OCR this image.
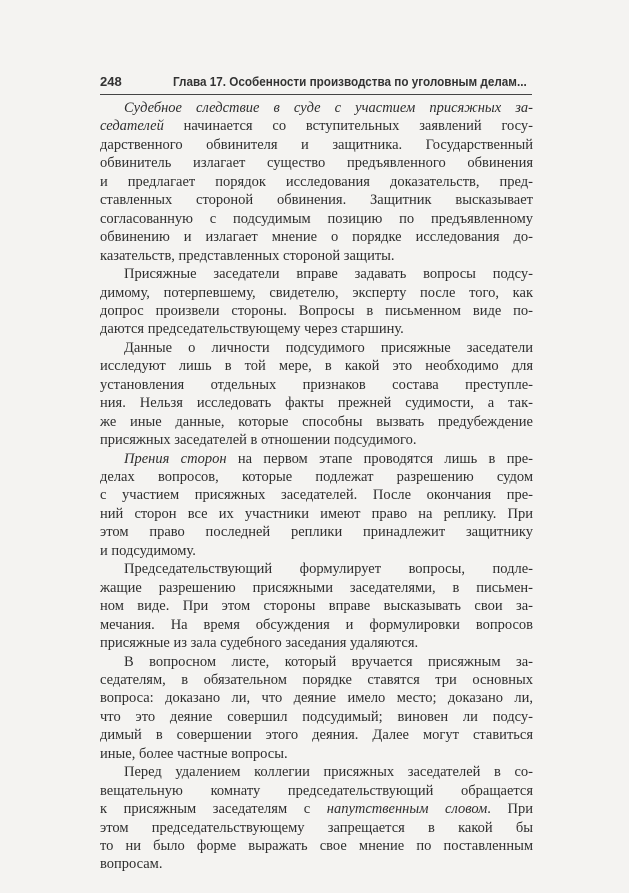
248	Глава 17. Особенности производства по уголовным делам...
Судебное следствие в суде с участием присяжных за-
седателей начинается со вступительных заявлений госу-
дарственного обвинителя и защитника. Государственный
обвинитель излагает существо предъявленного обвинения
и предлагает порядок исследования доказательств, пред-
ставленных стороной обвинения. Защитник высказывает
согласованную с подсудимым позицию по предъявленному
обвинению и излагает мнение о порядке исследования до-
казательств, представленных стороной защиты.
Присяжные заседатели вправе задавать вопросы подсу-
димому, потерпевшему, свидетелю, эксперту после того, как
допрос произвели стороны. Вопросы в письменном виде по-
даются председательствующему через старшину.
Данные о личности подсудимого присяжные заседатели
исследуют лишь в той мере, в какой это необходимо для
установления отдельных признаков состава преступле-
ния. Нельзя исследовать факты прежней судимости, а так-
же иные данные, которые способны вызвать предубеждение
присяжных заседателей в отношении подсудимого.
Прения сторон на первом этапе проводятся лишь в пре-
делах вопросов, которые подлежат разрешению судом
с участием присяжных заседателей. После окончания пре-
ний сторон все их участники имеют право на реплику. При
этом право последней реплики принадлежит защитнику
и подсудимому.
Председательствующий формулирует вопросы, подле-
жащие разрешению присяжными заседателями, в письмен-
ном виде. При этом стороны вправе высказывать свои за-
мечания. На время обсуждения и формулировки вопросов
присяжные из зала судебного заседания удаляются.
В вопросном листе, который вручается присяжным за-
седателям, в обязательном порядке ставятся три основных
вопроса: доказано ли, что деяние имело место; доказано ли,
что это деяние совершил подсудимый; виновен ли подсу-
димый в совершении этого деяния. Далее могут ставиться
иные, более частные вопросы.
Перед удалением коллегии присяжных заседателей в со-
вещательную комнату председательствующий обращается
к присяжным заседателям с напутственным словом. При
этом председательствующему запрещается в какой бы
то ни было форме выражать свое мнение по поставленным
вопросам.
